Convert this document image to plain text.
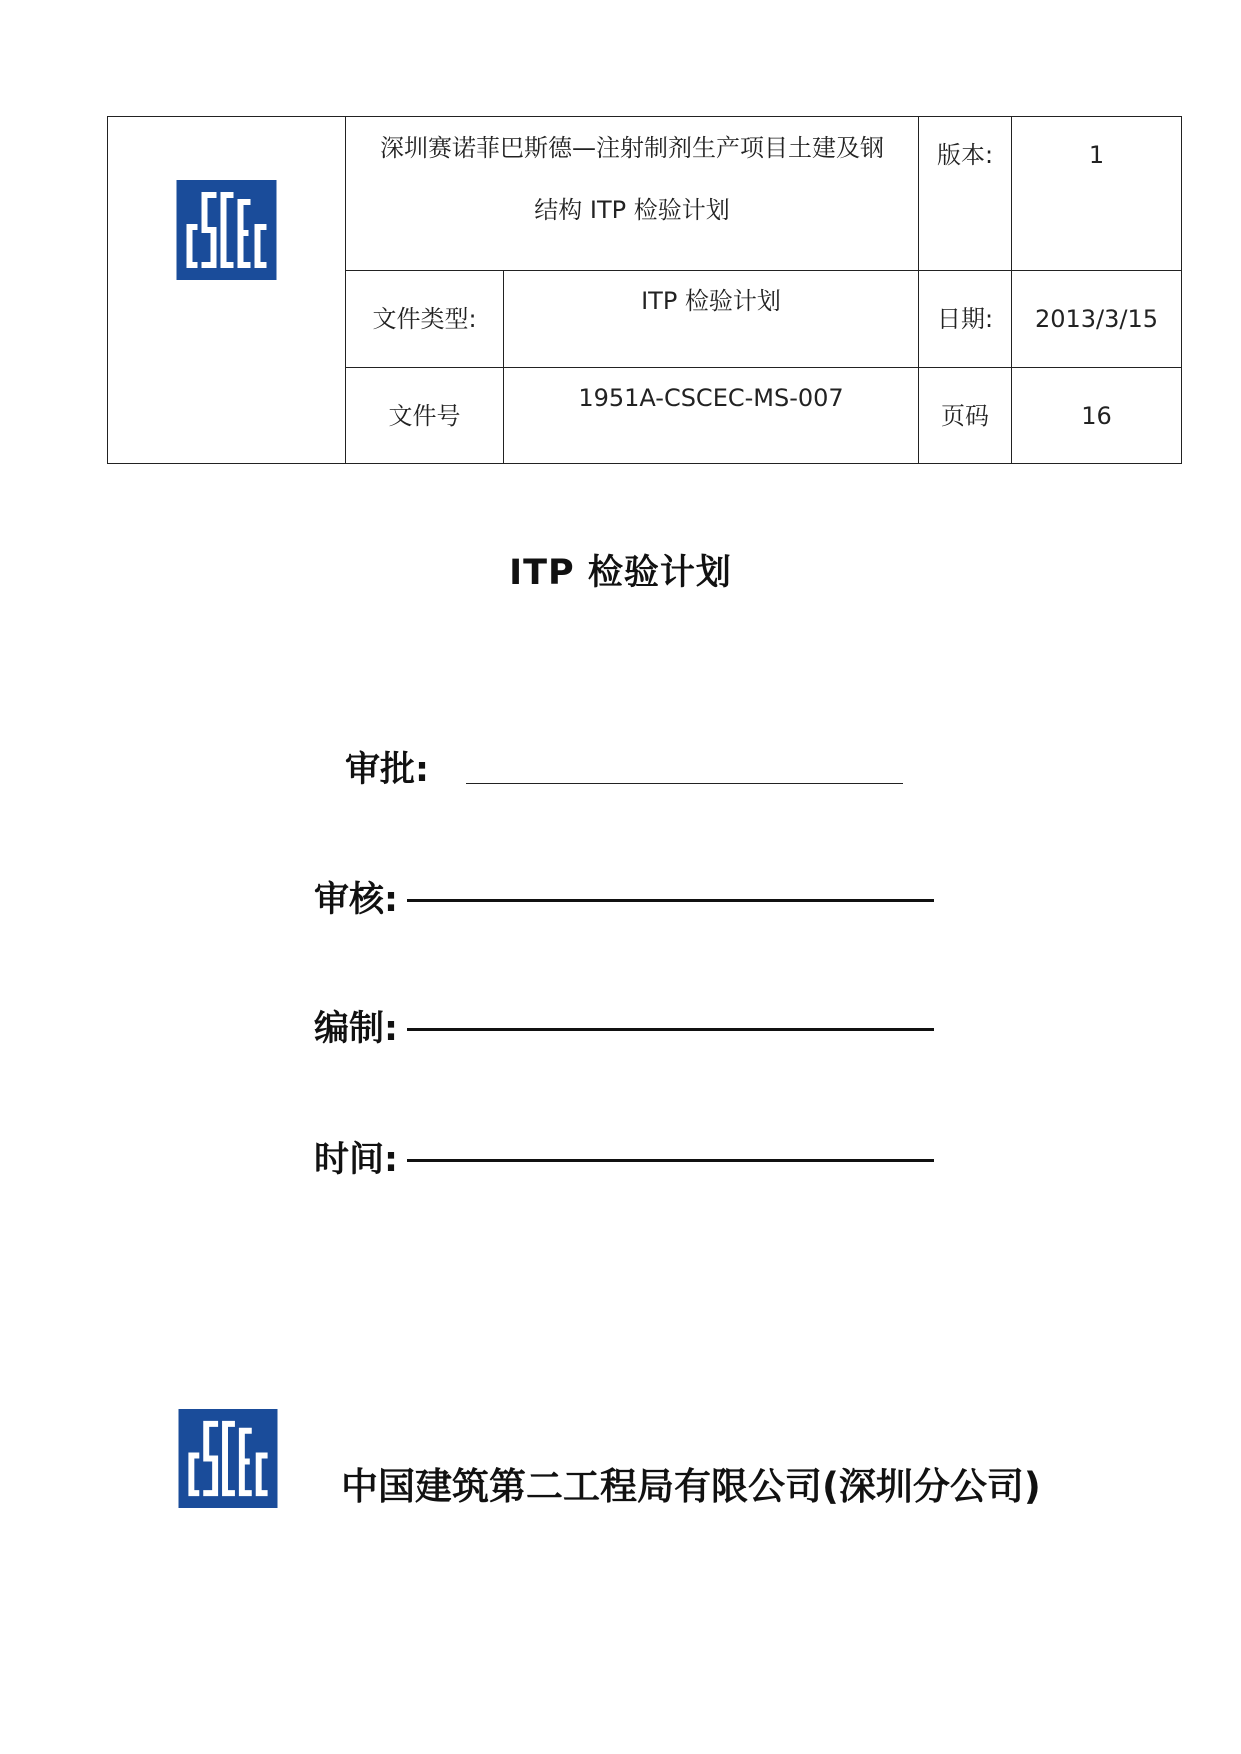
深圳赛诺菲巴斯德—注射制剂生产项目土建及钢
结构 ITP 检验计划		版本:	1
	文件类型:	ITP 检验计划	日期:	2013/3/15
	文件号	1951A-CSCEC-MS-007	页码	16
ITP 检验计划
审批:
审核:
编制:
时间:
中国建筑第二工程局有限公司(深圳分公司)
